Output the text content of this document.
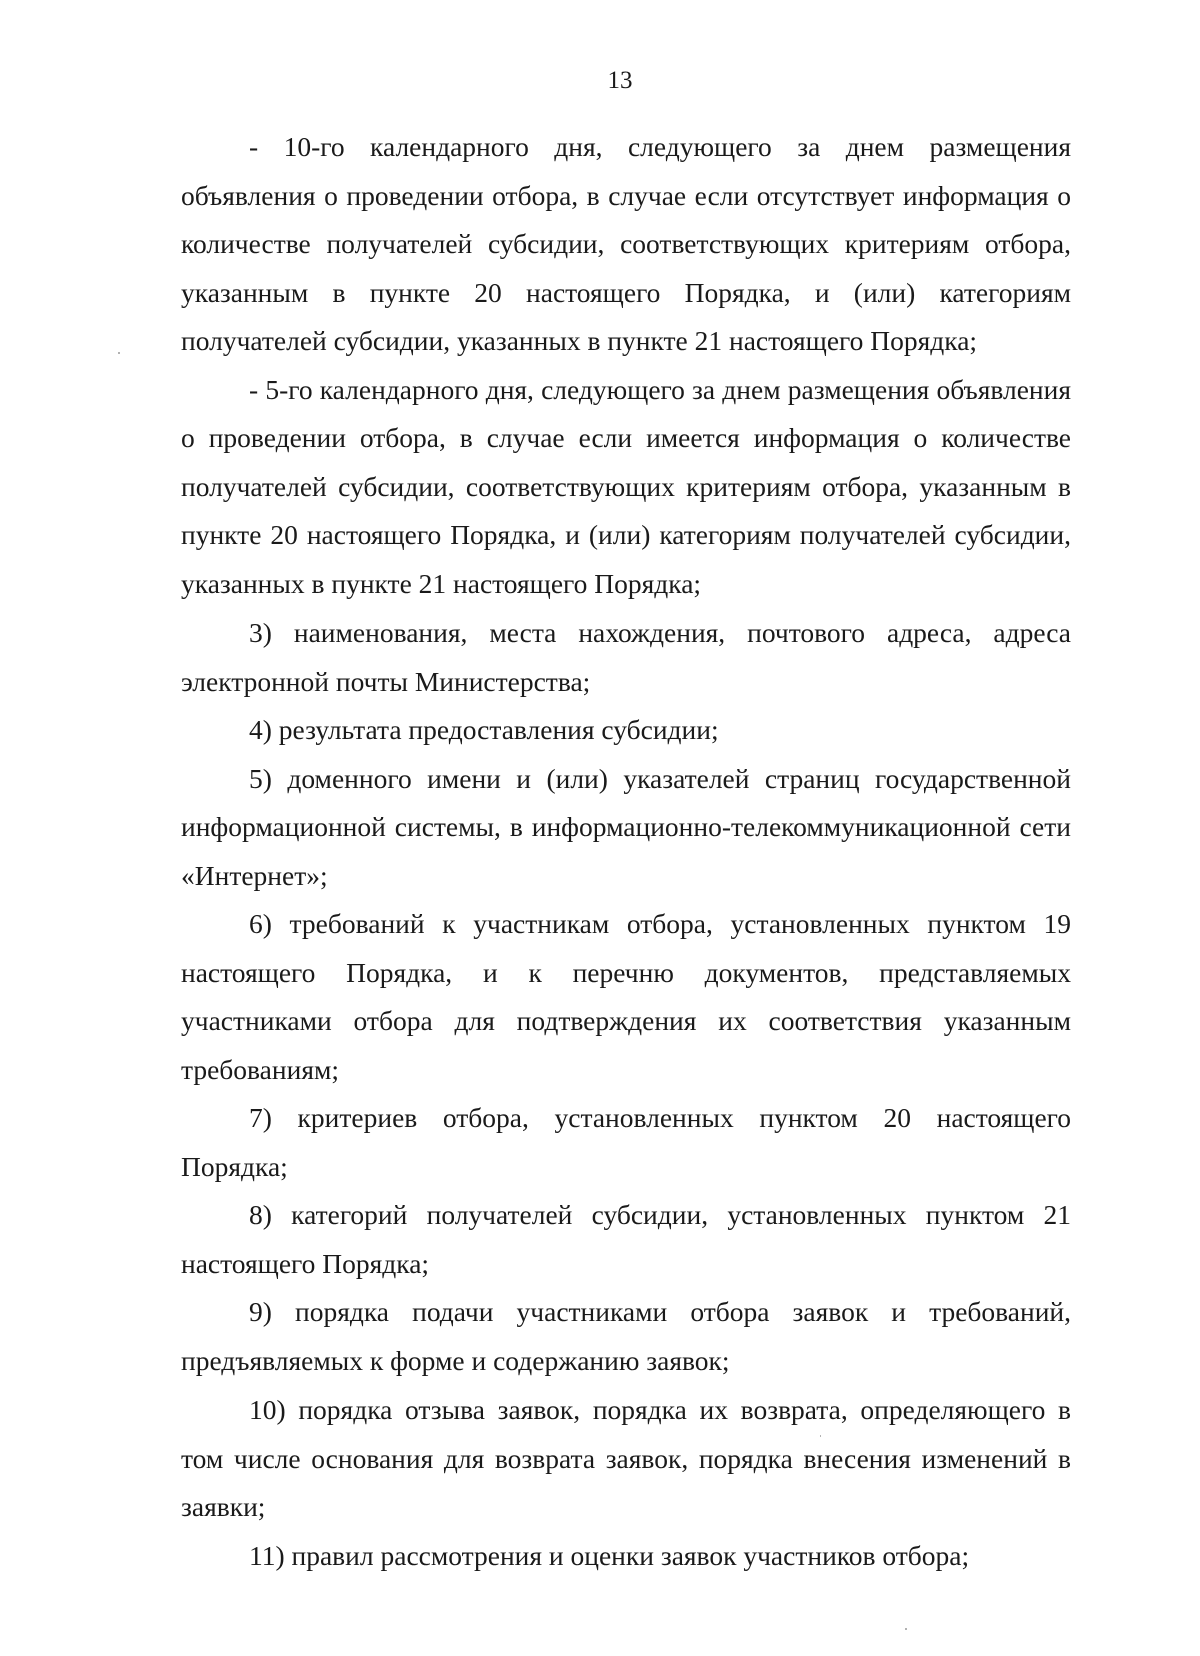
13

- 10-го календарного дня, следующего за днем размещения объявления о проведении отбора, в случае если отсутствует информация о количестве получателей субсидии, соответствующих критериям отбора, указанным в пункте 20 настоящего Порядка, и (или) категориям получателей субсидии, указанных в пункте 21 настоящего Порядка;

- 5-го календарного дня, следующего за днем размещения объявления о проведении отбора, в случае если имеется информация о количестве получателей субсидии, соответствующих критериям отбора, указанным в пункте 20 настоящего Порядка, и (или) категориям получателей субсидии, указанных в пункте 21 настоящего Порядка;

3) наименования, места нахождения, почтового адреса, адреса электронной почты Министерства;

4) результата предоставления субсидии;

5) доменного имени и (или) указателей страниц государственной информационной системы, в информационно-телекоммуникационной сети «Интернет»;

6) требований к участникам отбора, установленных пунктом 19 настоящего Порядка, и к перечню документов, представляемых участниками отбора для подтверждения их соответствия указанным требованиям;

7) критериев отбора, установленных пунктом 20 настоящего Порядка;

8) категорий получателей субсидии, установленных пунктом 21 настоящего Порядка;

9) порядка подачи участниками отбора заявок и требований, предъявляемых к форме и содержанию заявок;

10) порядка отзыва заявок, порядка их возврата, определяющего в том числе основания для возврата заявок, порядка внесения изменений в заявки;

11) правил рассмотрения и оценки заявок участников отбора;
